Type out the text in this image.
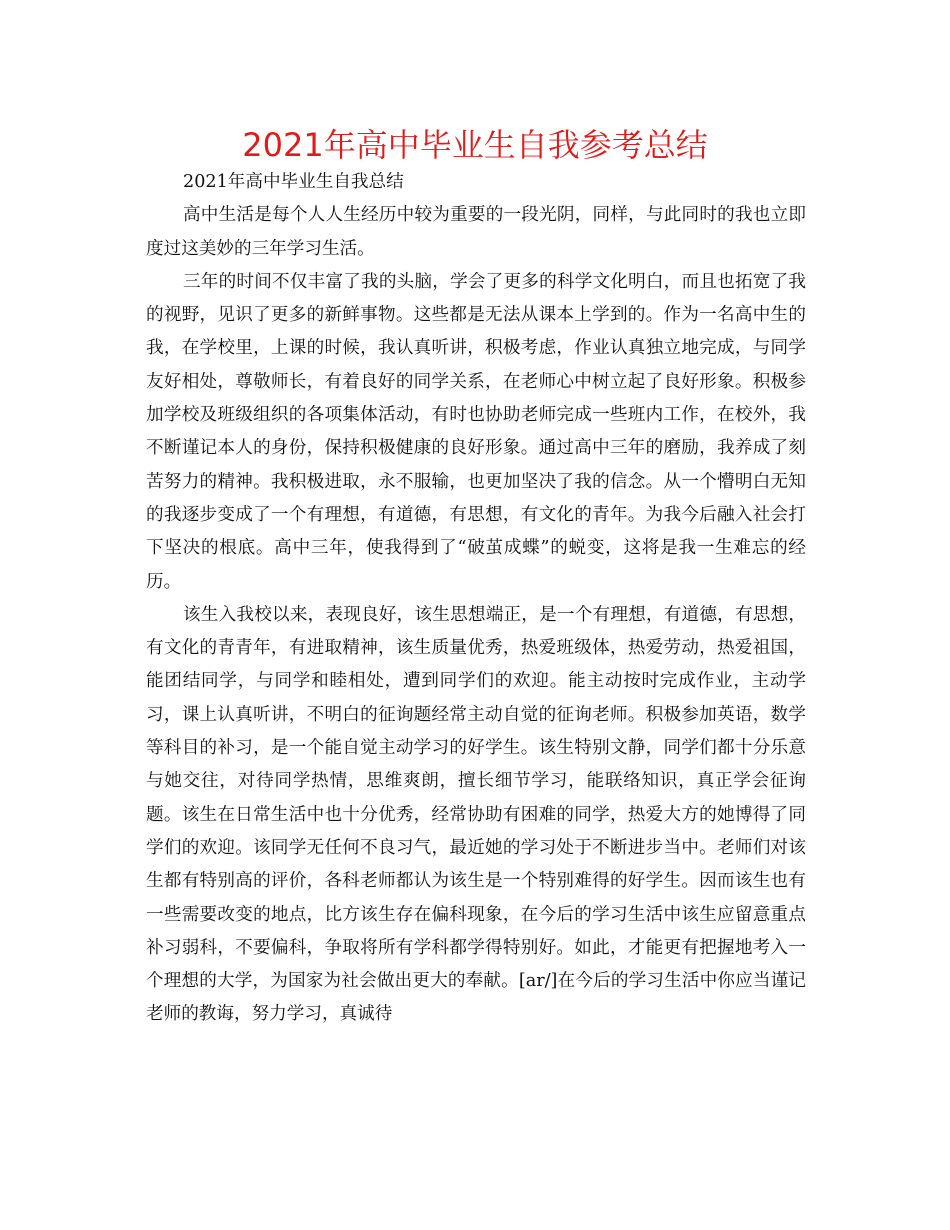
2021年高中毕业生自我参考总结

2021年高中毕业生自我总结

高中生活是每个人人生经历中较为重要的一段光阴，同样，与此同时的我也立即度过这美妙的三年学习生活。

三年的时间不仅丰富了我的头脑，学会了更多的科学文化明白，而且也拓宽了我的视野，见识了更多的新鲜事物。这些都是无法从课本上学到的。作为一名高中生的我，在学校里，上课的时候，我认真听讲，积极考虑，作业认真独立地完成，与同学友好相处，尊敬师长，有着良好的同学关系，在老师心中树立起了良好形象。积极参加学校及班级组织的各项集体活动，有时也协助老师完成一些班内工作，在校外，我不断谨记本人的身份，保持积极健康的良好形象。通过高中三年的磨励，我养成了刻苦努力的精神。我积极进取，永不服输，也更加坚决了我的信念。从一个懵明白无知的我逐步变成了一个有理想，有道德，有思想，有文化的青年。为我今后融入社会打下坚决的根底。高中三年，使我得到了“破茧成蝶”的蜕变，这将是我一生难忘的经历。

该生入我校以来，表现良好，该生思想端正，是一个有理想，有道德，有思想，有文化的青青年，有进取精神，该生质量优秀，热爱班级体，热爱劳动，热爱祖国，能团结同学，与同学和睦相处，遭到同学们的欢迎。能主动按时完成作业，主动学习，课上认真听讲，不明白的征询题经常主动自觉的征询老师。积极参加英语，数学等科目的补习，是一个能自觉主动学习的好学生。该生特别文静，同学们都十分乐意与她交往，对待同学热情，思维爽朗，擅长细节学习，能联络知识，真正学会征询题。该生在日常生活中也十分优秀，经常协助有困难的同学，热爱大方的她博得了同学们的欢迎。该同学无任何不良习气，最近她的学习处于不断进步当中。老师们对该生都有特别高的评价，各科老师都认为该生是一个特别难得的好学生。因而该生也有一些需要改变的地点，比方该生存在偏科现象，在今后的学习生活中该生应留意重点补习弱科，不要偏科，争取将所有学科都学得特别好。如此，才能更有把握地考入一个理想的大学，为国家为社会做出更大的奉献。[ar/]在今后的学习生活中你应当谨记老师的教诲，努力学习，真诚待
